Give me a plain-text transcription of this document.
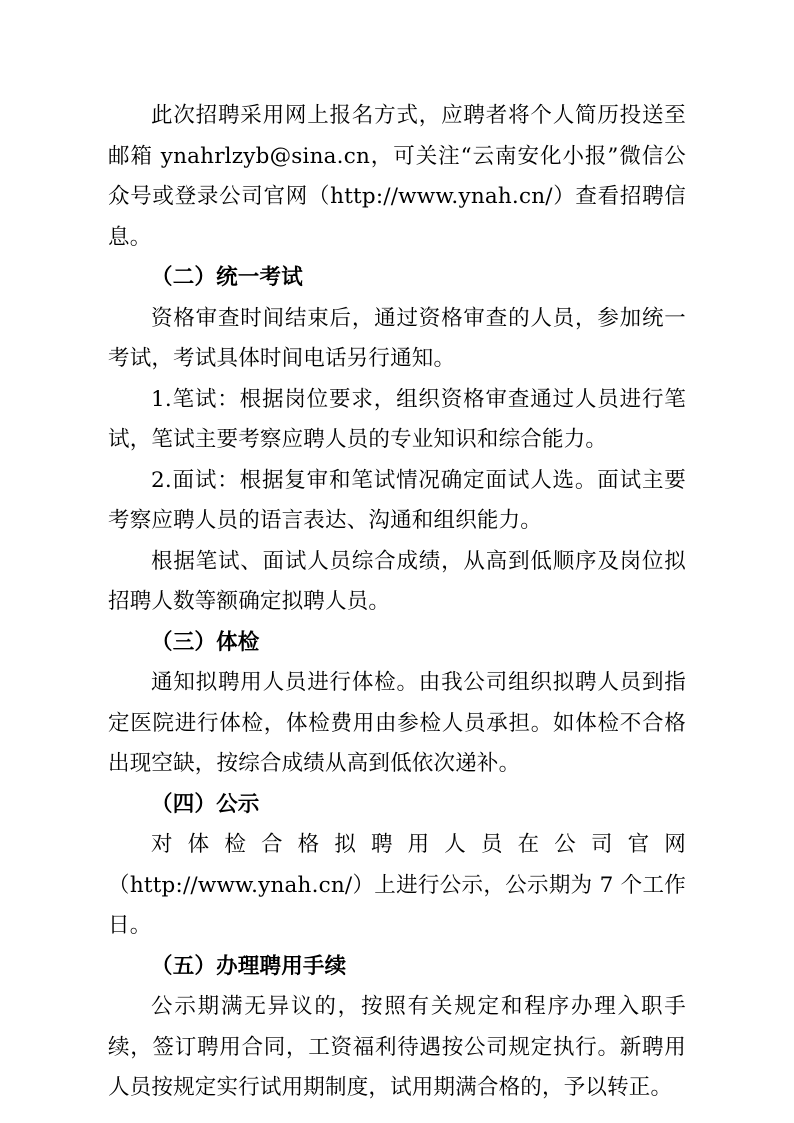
此次招聘采用网上报名方式，应聘者将个人简历投送至邮箱 ynahrlzyb@sina.cn，可关注“云南安化小报”微信公众号或登录公司官网（http://www.ynah.cn/）查看招聘信息。

（二）统一考试

资格审查时间结束后，通过资格审查的人员，参加统一考试，考试具体时间电话另行通知。

1.笔试：根据岗位要求，组织资格审查通过人员进行笔试，笔试主要考察应聘人员的专业知识和综合能力。

2.面试：根据复审和笔试情况确定面试人选。面试主要考察应聘人员的语言表达、沟通和组织能力。

根据笔试、面试人员综合成绩，从高到低顺序及岗位拟招聘人数等额确定拟聘人员。

（三）体检

通知拟聘用人员进行体检。由我公司组织拟聘人员到指定医院进行体检，体检费用由参检人员承担。如体检不合格出现空缺，按综合成绩从高到低依次递补。

（四）公示

对体检合格拟聘用人员在公司官网（http://www.ynah.cn/）上进行公示，公示期为 7 个工作日。

（五）办理聘用手续

公示期满无异议的，按照有关规定和程序办理入职手续，签订聘用合同，工资福利待遇按公司规定执行。新聘用人员按规定实行试用期制度，试用期满合格的，予以转正。
